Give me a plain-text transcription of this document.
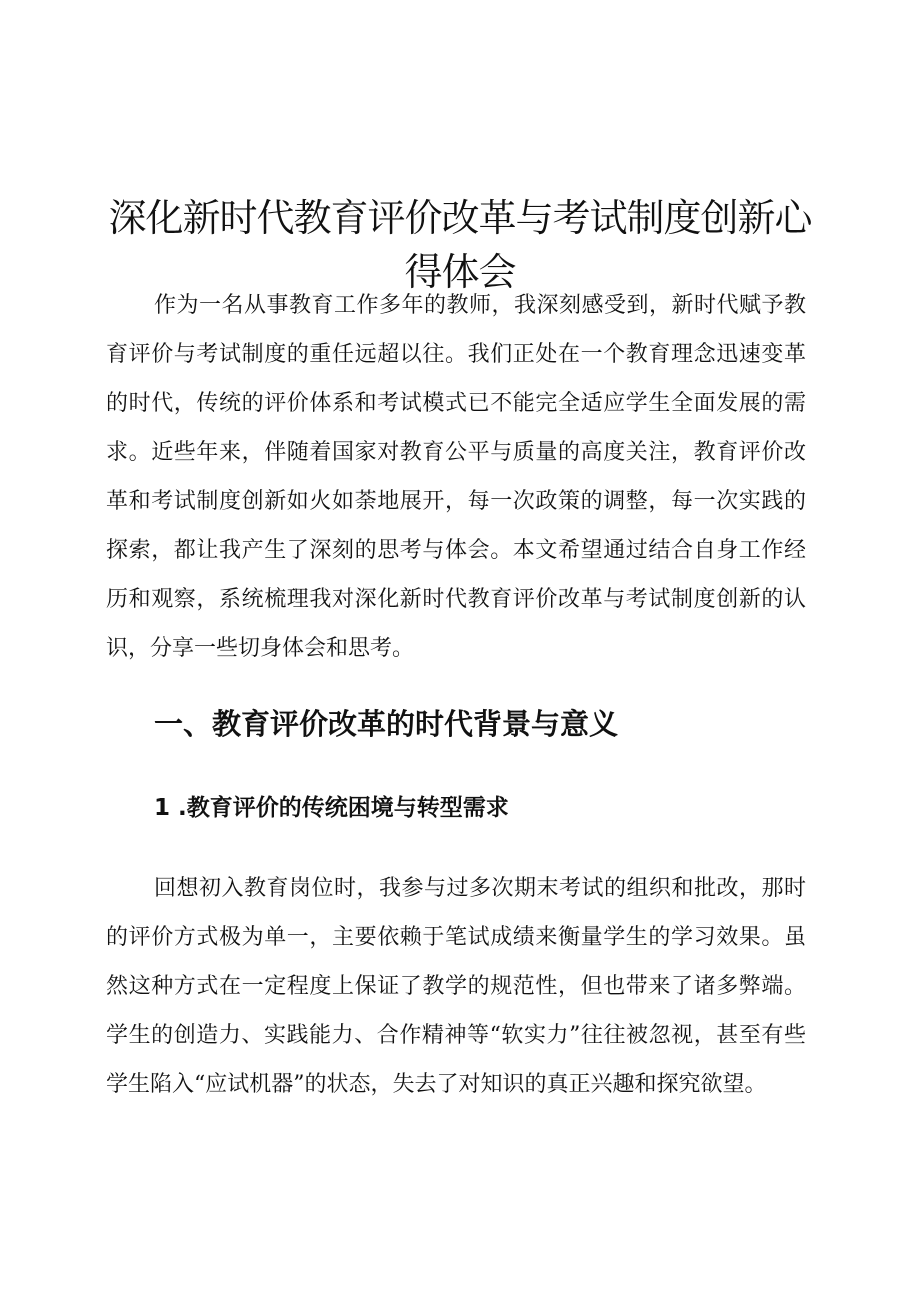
深化新时代教育评价改革与考试制度创新心得体会

作为一名从事教育工作多年的教师，我深刻感受到，新时代赋予教育评价与考试制度的重任远超以往。我们正处在一个教育理念迅速变革的时代，传统的评价体系和考试模式已不能完全适应学生全面发展的需求。近些年来，伴随着国家对教育公平与质量的高度关注，教育评价改革和考试制度创新如火如荼地展开，每一次政策的调整，每一次实践的探索，都让我产生了深刻的思考与体会。本文希望通过结合自身工作经历和观察，系统梳理我对深化新时代教育评价改革与考试制度创新的认识，分享一些切身体会和思考。

一、教育评价改革的时代背景与意义
1 .教育评价的传统困境与转型需求

回想初入教育岗位时，我参与过多次期末考试的组织和批改，那时的评价方式极为单一，主要依赖于笔试成绩来衡量学生的学习效果。虽然这种方式在一定程度上保证了教学的规范性，但也带来了诸多弊端。学生的创造力、实践能力、合作精神等“软实力”往往被忽视，甚至有些学生陷入“应试机器”的状态，失去了对知识的真正兴趣和探究欲望。
